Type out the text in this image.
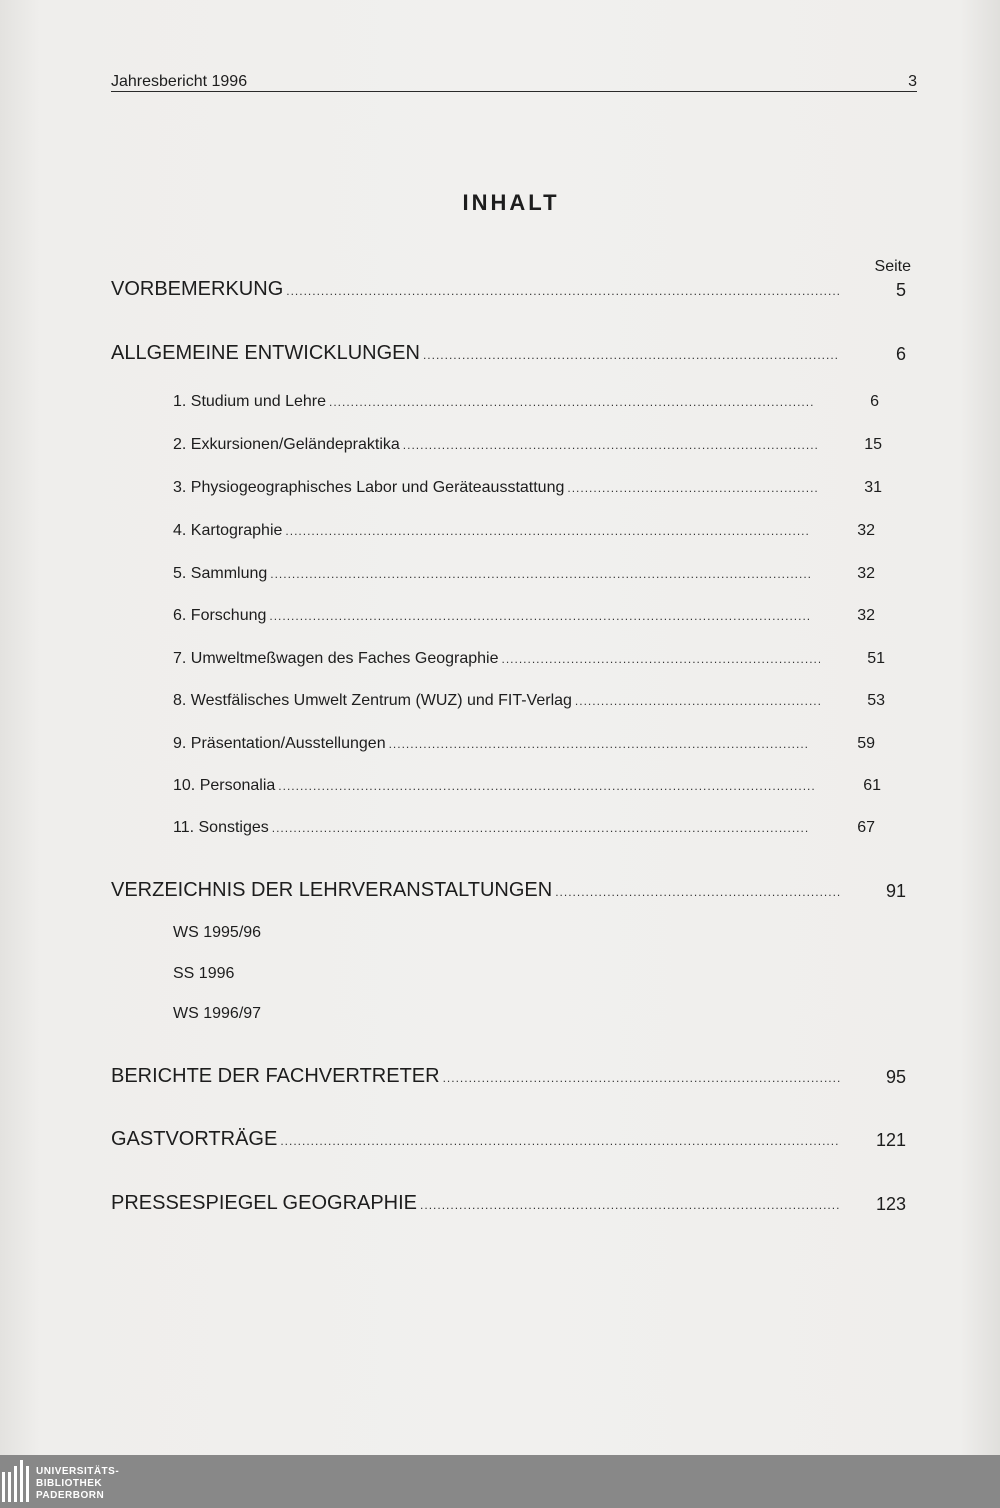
Jahresbericht 1996	3
INHALT
Seite
VORBEMERKUNG .....	5
ALLGEMEINE ENTWICKLUNGEN .....	6
1. Studium und Lehre .....	6
2. Exkursionen/Geländepraktika .....	15
3. Physiogeographisches Labor und Geräteausstattung .....	31
4. Kartographie .....	32
5. Sammlung .....	32
6. Forschung .....	32
7. Umweltmeßwagen des Faches Geographie .....	51
8. Westfälisches Umwelt Zentrum (WUZ) und FIT-Verlag .....	53
9. Präsentation/Ausstellungen .....	59
10. Personalia .....	61
11. Sonstiges .....	67
VERZEICHNIS DER LEHRVERANSTALTUNGEN .....	91
WS 1995/96
SS 1996
WS 1996/97
BERICHTE DER FACHVERTRETER .....	95
GASTVORTRÄGE .....	121
PRESSESPIEGEL GEOGRAPHIE .....	123
UNIVERSITÄTS-
BIBLIOTHEK
PADERBORN
